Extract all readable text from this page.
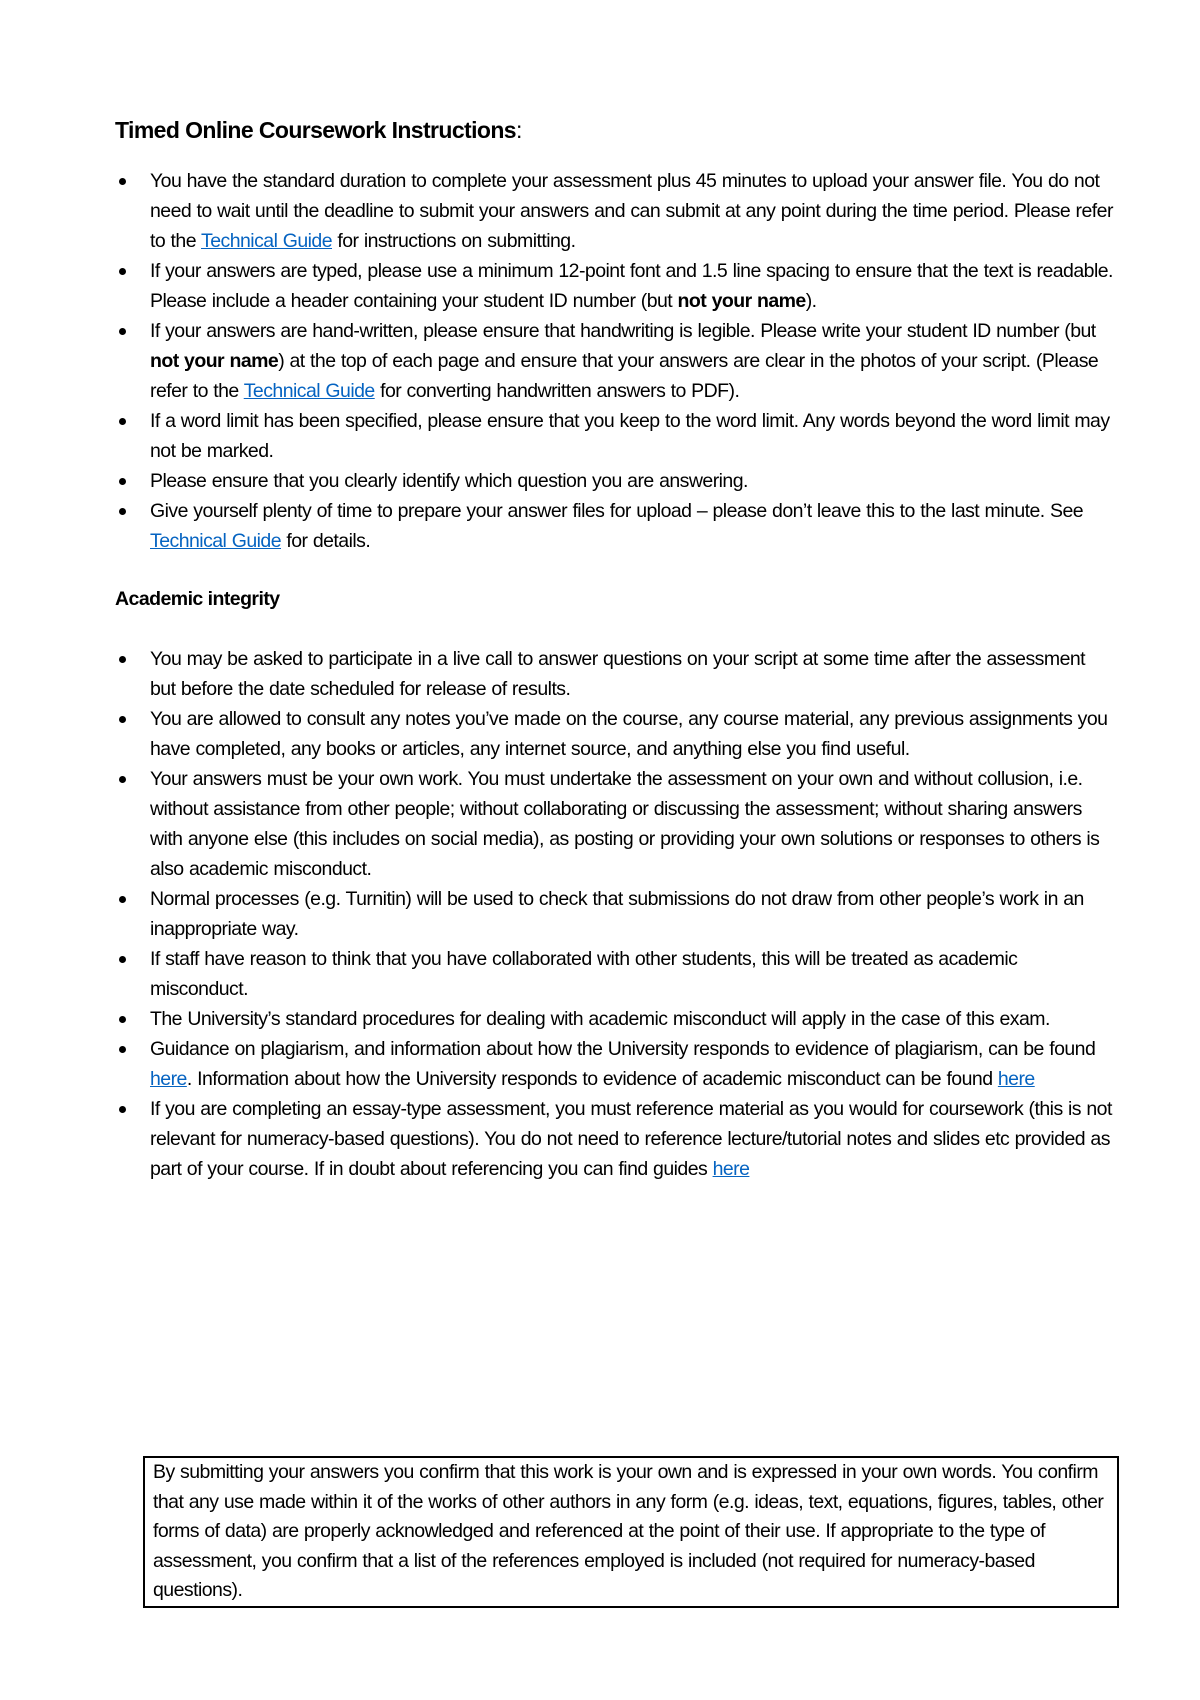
Timed Online Coursework Instructions:
You have the standard duration to complete your assessment plus 45 minutes to upload your answer file. You do not need to wait until the deadline to submit your answers and can submit at any point during the time period. Please refer to the Technical Guide for instructions on submitting.
If your answers are typed, please use a minimum 12-point font and 1.5 line spacing to ensure that the text is readable. Please include a header containing your student ID number (but not your name).
If your answers are hand-written, please ensure that handwriting is legible. Please write your student ID number (but not your name) at the top of each page and ensure that your answers are clear in the photos of your script. (Please refer to the Technical Guide for converting handwritten answers to PDF).
If a word limit has been specified, please ensure that you keep to the word limit. Any words beyond the word limit may not be marked.
Please ensure that you clearly identify which question you are answering.
Give yourself plenty of time to prepare your answer files for upload – please don’t leave this to the last minute. See Technical Guide for details.
Academic integrity
You may be asked to participate in a live call to answer questions on your script at some time after the assessment but before the date scheduled for release of results.
You are allowed to consult any notes you’ve made on the course, any course material, any previous assignments you have completed, any books or articles, any internet source, and anything else you find useful.
Your answers must be your own work. You must undertake the assessment on your own and without collusion, i.e. without assistance from other people; without collaborating or discussing the assessment; without sharing answers with anyone else (this includes on social media), as posting or providing your own solutions or responses to others is also academic misconduct.
Normal processes (e.g. Turnitin) will be used to check that submissions do not draw from other people’s work in an inappropriate way.
If staff have reason to think that you have collaborated with other students, this will be treated as academic misconduct.
The University’s standard procedures for dealing with academic misconduct will apply in the case of this exam.
Guidance on plagiarism, and information about how the University responds to evidence of plagiarism, can be found here. Information about how the University responds to evidence of academic misconduct can be found here
If you are completing an essay-type assessment, you must reference material as you would for coursework (this is not relevant for numeracy-based questions). You do not need to reference lecture/tutorial notes and slides etc provided as part of your course. If in doubt about referencing you can find guides here
By submitting your answers you confirm that this work is your own and is expressed in your own words. You confirm that any use made within it of the works of other authors in any form (e.g. ideas, text, equations, figures, tables, other forms of data) are properly acknowledged and referenced at the point of their use. If appropriate to the type of assessment, you confirm that a list of the references employed is included (not required for numeracy-based questions).
